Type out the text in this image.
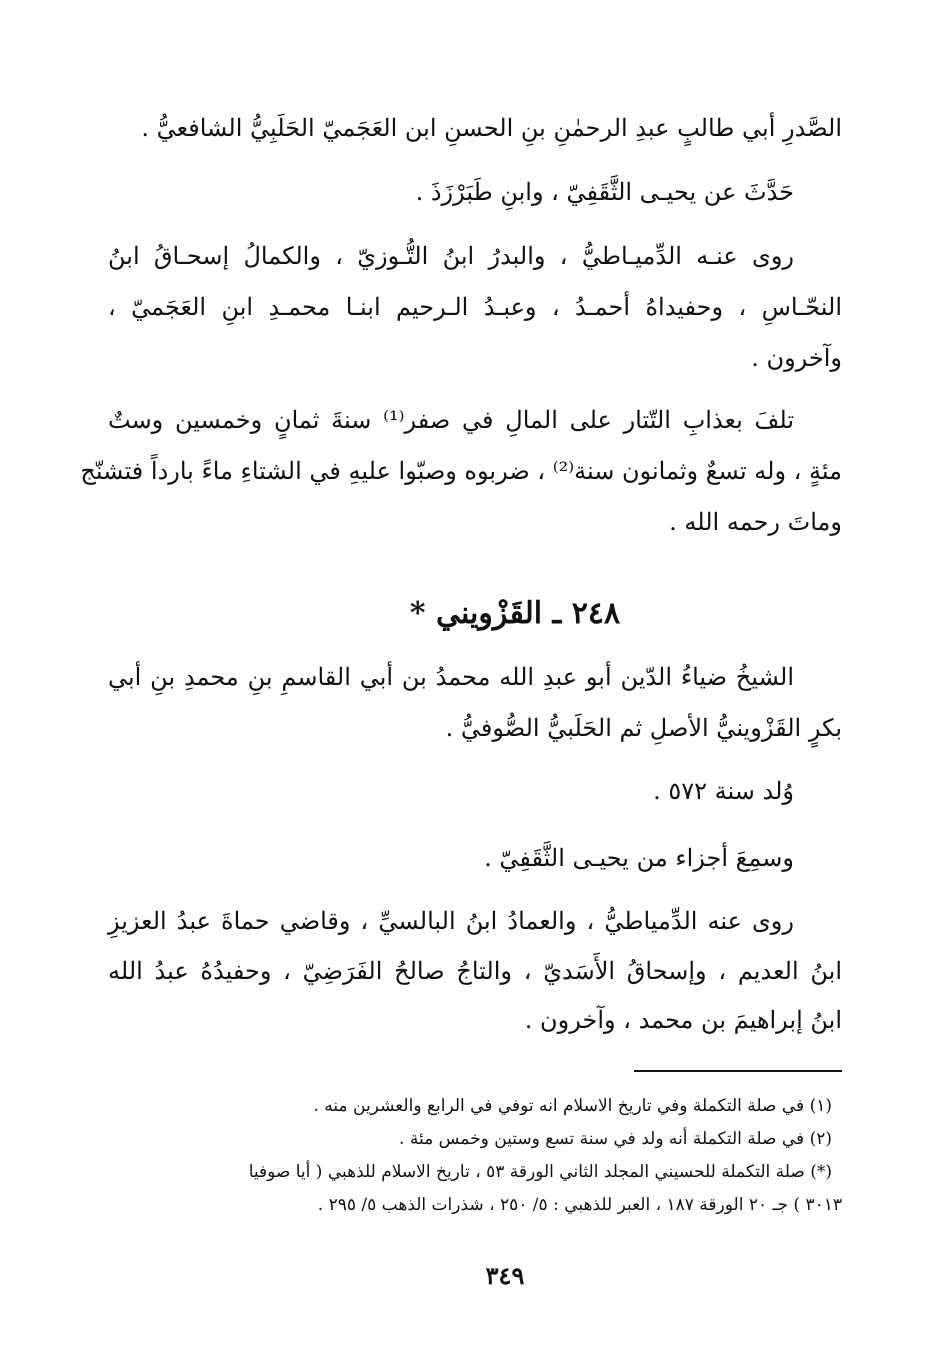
الصَّدرِ أبي طالبٍ عبدِ الرحمٰنِ بنِ الحسنِ ابن العَجَميّ الحَلَبِيُّ الشافعيُّ .
حَدَّثَ عن يحيـى الثَّقَفِيّ ، وابنِ طَبَرْزَذَ .
روى عنـه الدِّميـاطيُّ ، والبدرُ ابنُ التُّـوزيّ ، والكمالُ إسحـاقُ ابنُ
النحّـاسِ ، وحفيداهُ أحمـدُ ، وعبـدُ الـرحيم ابنـا محمـدِ ابنِ العَجَميّ ،
وآخرون .
تلفَ بعذابِ التّتار على المالِ في صفر⁽¹⁾ سنةَ ثمانٍ وخمسين وستٌ
مئةٍ ، وله تسعٌ وثمانون سنة⁽²⁾ ، ضربوه وصبّوا عليهِ في الشتاءِ ماءً بارداً فتشنّج
وماتَ رحمه الله .
٢٤٨ ـ القَزْويني *
الشيخُ ضياءُ الدّين أبو عبدِ الله محمدُ بن أبي القاسمِ بنِ محمدِ بنِ أبي
بكرٍ القَزْوينيُّ الأصلِ ثم الحَلَبيُّ الصُّوفيُّ .
وُلد سنة ٥٧٢ .
وسمِعَ أجزاء من يحيـى الثَّقَفِيّ .
روى عنه الدِّمياطيُّ ، والعمادُ ابنُ البالسيِّ ، وقاضي حماةَ عبدُ العزيزِ
ابنُ العديم ، وإسحاقُ الأَسَديّ ، والتاجُ صالحُ الفَرَضِيّ ، وحفيدُهُ عبدُ الله
ابنُ إبراهيمَ بن محمد ، وآخرون .
(١) في صلة التكملة وفي تاريخ الاسلام انه توفي في الرابع والعشرين منه .
(٢) في صلة التكملة أنه ولد في سنة تسع وستين وخمس مئة .
(*) صلة التكملة للحسيني المجلد الثاني الورقة ٥٣ ، تاريخ الاسلام للذهبي ( أيا صوفيا
٣٠١٣ ) جـ ٢٠ الورقة ١٨٧ ، العبر للذهبي : ٥/ ٢٥٠ ، شذرات الذهب ٥/ ٢٩٥ .
٣٤٩
